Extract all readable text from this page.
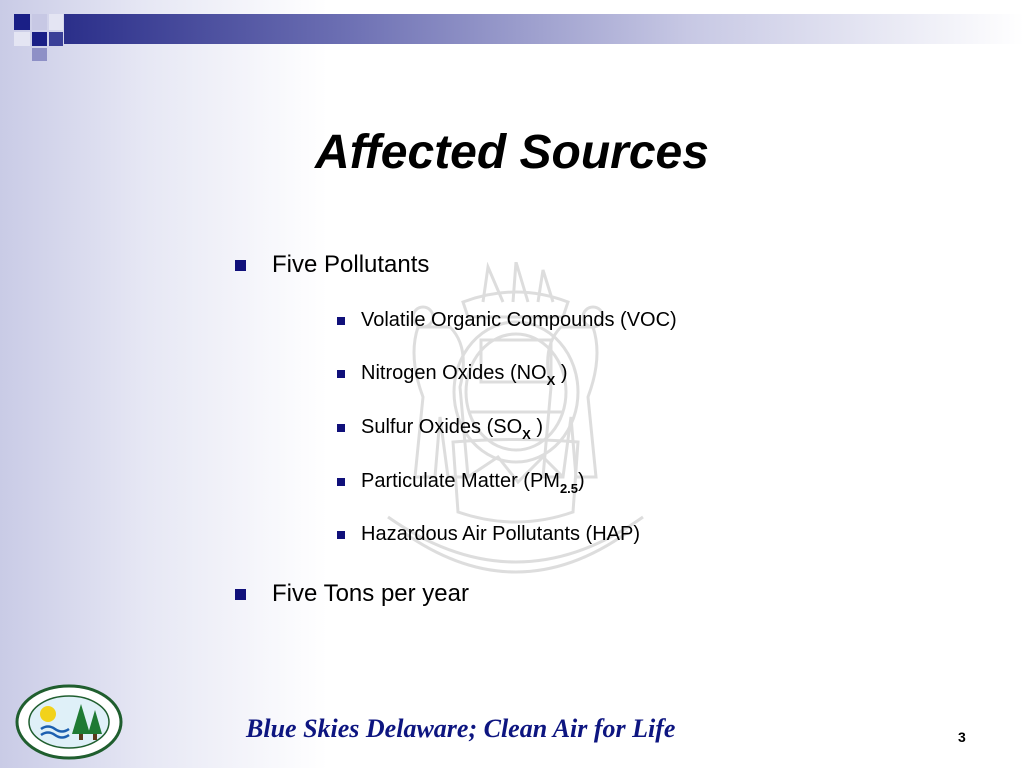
Affected Sources
Five Pollutants
Volatile Organic Compounds (VOC)
Nitrogen Oxides ($NO_X$ )
Sulfur Oxides ($SO_X$ )
Particulate Matter $(PM_{2.5})$
Hazardous Air Pollutants (HAP)
Five Tons per year
Blue Skies Delaware; Clean Air for Life	3
